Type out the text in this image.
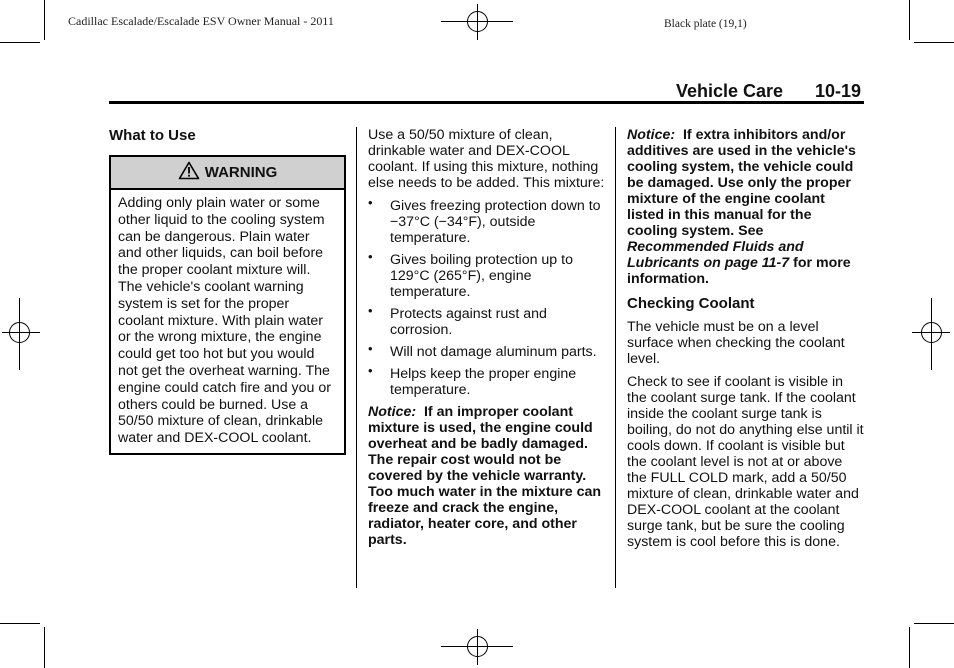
Cadillac Escalade/Escalade ESV Owner Manual - 2011	Black plate (19,1)
Vehicle Care 10-19
What to Use
WARNING
Adding only plain water or some other liquid to the cooling system can be dangerous. Plain water and other liquids, can boil before the proper coolant mixture will. The vehicle's coolant warning system is set for the proper coolant mixture. With plain water or the wrong mixture, the engine could get too hot but you would not get the overheat warning. The engine could catch fire and you or others could be burned. Use a 50/50 mixture of clean, drinkable water and DEX-COOL coolant.

Use a 50/50 mixture of clean, drinkable water and DEX-COOL coolant. If using this mixture, nothing else needs to be added. This mixture:

• Gives freezing protection down to −37°C (−34°F), outside temperature.
• Gives boiling protection up to 129°C (265°F), engine temperature.
• Protects against rust and corrosion.
• Will not damage aluminum parts.
• Helps keep the proper engine temperature.

Notice: If an improper coolant mixture is used, the engine could overheat and be badly damaged. The repair cost would not be covered by the vehicle warranty. Too much water in the mixture can freeze and crack the engine, radiator, heater core, and other parts.

Notice: If extra inhibitors and/or additives are used in the vehicle's cooling system, the vehicle could be damaged. Use only the proper mixture of the engine coolant listed in this manual for the cooling system. See Recommended Fluids and Lubricants on page 11-7 for more information.

Checking Coolant

The vehicle must be on a level surface when checking the coolant level.

Check to see if coolant is visible in the coolant surge tank. If the coolant inside the coolant surge tank is boiling, do not do anything else until it cools down. If coolant is visible but the coolant level is not at or above the FULL COLD mark, add a 50/50 mixture of clean, drinkable water and DEX-COOL coolant at the coolant surge tank, but be sure the cooling system is cool before this is done.
